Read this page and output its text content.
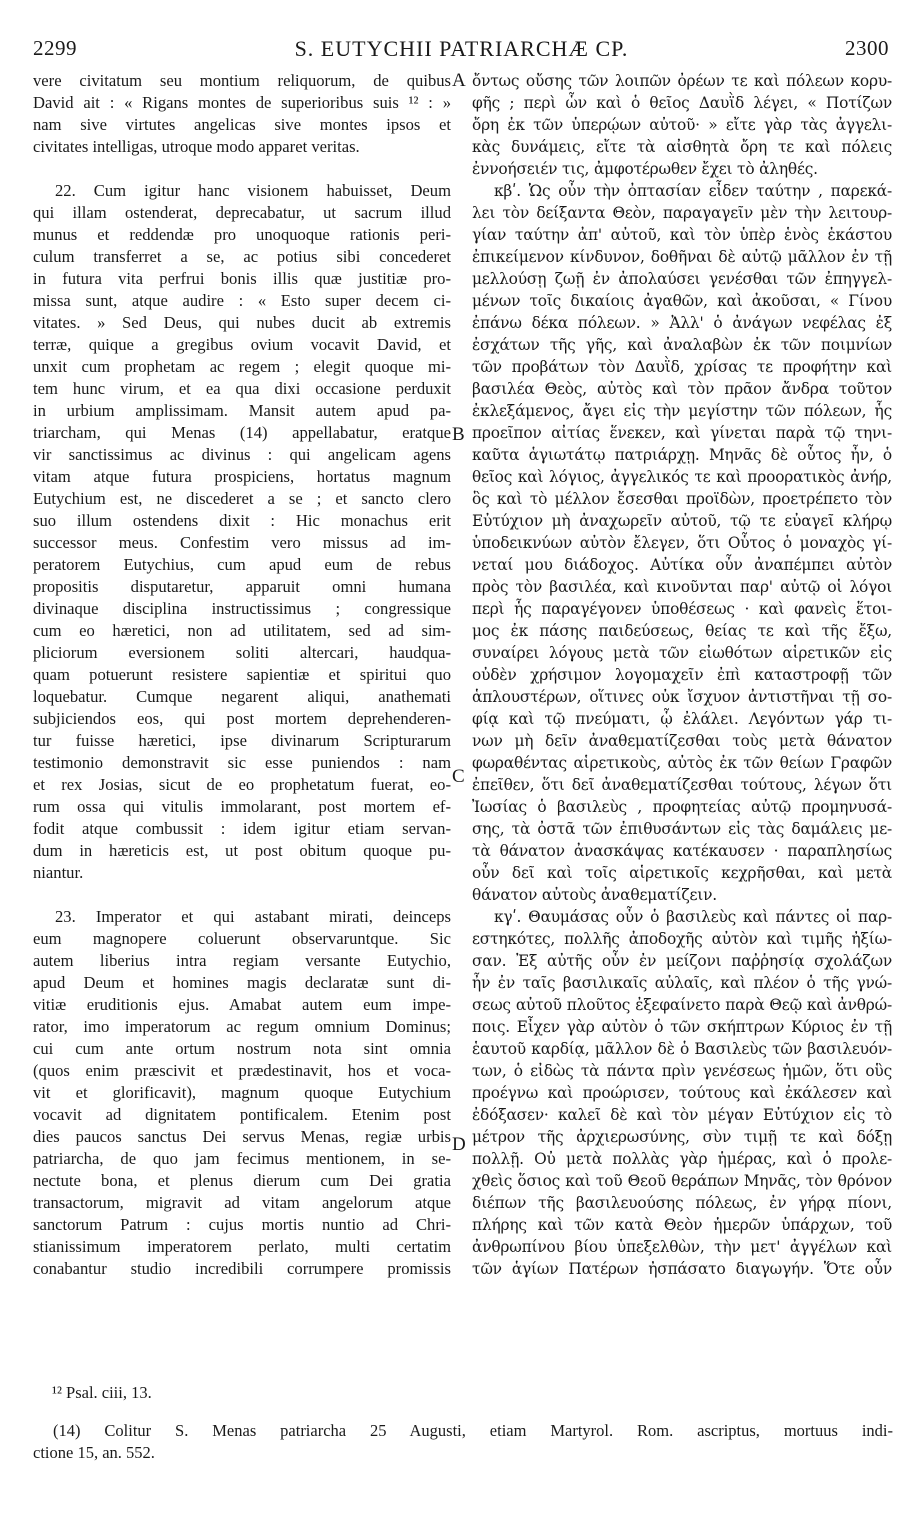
2299	S. EUTYCHII PATRIARCHÆ CP.	2300
vere civitatum seu montium reliquorum, de quibus
David ait : « Rigans montes de superioribus suis ¹² : »
nam sive virtutes angelicas sive montes ipsos et
civitates intelligas, utroque modo apparet veritas.
22. Cum igitur hanc visionem habuisset, Deum
qui illam ostenderat, deprecabatur, ut sacrum illud
munus et reddendæ pro unoquoque rationis peri-
culum transferret a se, ac potius sibi concederet
in futura vita perfrui bonis illis quæ justitiæ pro-
missa sunt, atque audire : « Esto super decem ci-
vitates. » Sed Deus, qui nubes ducit ab extremis
terræ, quique a gregibus ovium vocavit David, et
unxit cum prophetam ac regem ; elegit quoque mi-
tem hunc virum, et ea qua dixi occasione perduxit
in urbium amplissimam. Mansit autem apud pa-
triarcham, qui Menas (14) appellabatur, eratque
vir sanctissimus ac divinus : qui angelicam agens
vitam atque futura prospiciens, hortatus magnum
Eutychium est, ne discederet a se ; et sancto clero
suo illum ostendens dixit : Hic monachus erit
successor meus. Confestim vero missus ad im-
peratorem Eutychius, cum apud eum de rebus
propositis disputaretur, apparuit omni humana
divinaque disciplina instructissimus ; congressique
cum eo hæretici, non ad utilitatem, sed ad sim-
pliciorum eversionem soliti altercari, haudqua-
quam potuerunt resistere sapientiæ et spiritui quo
loquebatur. Cumque negarent aliqui, anathemati
subjiciendos eos, qui post mortem deprehenderen-
tur fuisse hæretici, ipse divinarum Scripturarum
testimonio demonstravit sic esse puniendos : nam
et rex Josias, sicut de eo prophetatum fuerat, eo-
rum ossa qui vitulis immolarant, post mortem ef-
fodit atque combussit : idem igitur etiam servan-
dum in hæreticis est, ut post obitum quoque pu-
niantur.
23. Imperator et qui astabant mirati, deinceps
eum magnopere coluerunt observaruntque. Sic
autem liberius intra regiam versante Eutychio,
apud Deum et homines magis declaratæ sunt di-
vitiæ eruditionis ejus. Amabat autem eum impe-
rator, imo imperatorum ac regum omnium Dominus;
cui cum ante ortum nostrum nota sint omnia
(quos enim præscivit et prædestinavit, hos et voca-
vit et glorificavit), magnum quoque Eutychium
vocavit ad dignitatem pontificalem. Etenim post
dies paucos sanctus Dei servus Menas, regiæ urbis
patriarcha, de quo jam fecimus mentionem, in se-
nectute bona, et plenus dierum cum Dei gratia
transactorum, migravit ad vitam angelorum atque
sanctorum Patrum : cujus mortis nuntio ad Chri-
stianissimum imperatorem perlato, multi certatim
conabantur studio incredibili corrumpere promissis
ὄντως οὔσης τῶν λοιπῶν ὀρέων τε καὶ πόλεων κορυ-
φῆς ; περὶ ὧν καὶ ὁ θεῖος Δαυῒδ λέγει, « Ποτίζων
ὄρη ἐκ τῶν ὑπερῴων αὐτοῦ· » εἴτε γὰρ τὰς ἀγγελι-
κὰς δυνάμεις, εἴτε τὰ αἰσθητὰ ὄρη τε καὶ πόλεις
ἐννοήσειέν τις, ἀμφοτέρωθεν ἔχει τὸ ἀληθές.
κβʹ. Ὡς οὖν τὴν ὀπτασίαν εἶδεν ταύτην , παρεκά-
λει τὸν δείξαντα Θεὸν, παραγαγεῖν μὲν τὴν λειτουρ-
γίαν ταύτην ἀπ' αὐτοῦ, καὶ τὸν ὑπὲρ ἑνὸς ἑκάστου
ἐπικείμενον κίνδυνον, δοθῆναι δὲ αὐτῷ μᾶλλον ἐν τῇ
μελλούσῃ ζωῇ ἐν ἀπολαύσει γενέσθαι τῶν ἐπηγγελ-
μένων τοῖς δικαίοις ἀγαθῶν, καὶ ἀκοῦσαι, « Γίνου
ἐπάνω δέκα πόλεων. » Ἀλλ' ὁ ἀνάγων νεφέλας ἐξ
ἐσχάτων τῆς γῆς, καὶ ἀναλαβὼν ἐκ τῶν ποιμνίων
τῶν προβάτων τὸν Δαυῒδ, χρίσας τε προφήτην καὶ
βασιλέα Θεὸς, αὐτὸς καὶ τὸν πρᾶον ἄνδρα τοῦτον
ἐκλεξάμενος, ἄγει εἰς τὴν μεγίστην τῶν πόλεων, ἧς
προεῖπον αἰτίας ἕνεκεν, καὶ γίνεται παρὰ τῷ τηνι-
καῦτα ἁγιωτάτῳ πατριάρχῃ. Μηνᾶς δὲ οὗτος ἦν, ὁ
θεῖος καὶ λόγιος, ἀγγελικός τε καὶ προορατικὸς ἀνήρ,
ὃς καὶ τὸ μέλλον ἔσεσθαι προϊδὼν, προετρέπετο τὸν
Εὐτύχιον μὴ ἀναχωρεῖν αὐτοῦ, τῷ τε εὐαγεῖ κλήρῳ
ὑποδεικνύων αὐτὸν ἔλεγεν, ὅτι Οὗτος ὁ μοναχὸς γί-
νεταί μου διάδοχος. Αὐτίκα οὖν ἀναπέμπει αὐτὸν
πρὸς τὸν βασιλέα, καὶ κινοῦνται παρ' αὐτῷ οἱ λόγοι
περὶ ἧς παραγέγονεν ὑποθέσεως · καὶ φανεὶς ἕτοι-
μος ἐκ πάσης παιδεύσεως, θείας τε καὶ τῆς ἔξω,
συναίρει λόγους μετὰ τῶν εἰωθότων αἱρετικῶν εἰς
οὐδὲν χρήσιμον λογομαχεῖν ἐπὶ καταστροφῇ τῶν
ἁπλουστέρων, οἵτινες οὐκ ἴσχυον ἀντιστῆναι τῇ σο-
φίᾳ καὶ τῷ πνεύματι, ᾧ ἐλάλει. Λεγόντων γάρ τι-
νων μὴ δεῖν ἀναθεματίζεσθαι τοὺς μετὰ θάνατον
φωραθέντας αἱρετικοὺς, αὐτὸς ἐκ τῶν θείων Γραφῶν
ἐπεῖθεν, ὅτι δεῖ ἀναθεματίζεσθαι τούτους, λέγων ὅτι
Ἰωσίας ὁ βασιλεὺς , προφητείας αὐτῷ προμηνυσά-
σης, τὰ ὀστᾶ τῶν ἐπιθυσάντων εἰς τὰς δαμάλεις με-
τὰ θάνατον ἀνασκάψας κατέκαυσεν · παραπλησίως
οὖν δεῖ καὶ τοῖς αἱρετικοῖς κεχρῆσθαι, καὶ μετὰ
θάνατον αὐτοὺς ἀναθεματίζειν.
κγʹ. Θαυμάσας οὖν ὁ βασιλεὺς καὶ πάντες οἱ παρ-
εστηκότες, πολλῆς ἀποδοχῆς αὐτὸν καὶ τιμῆς ἠξίω-
σαν. Ἐξ αὐτῆς οὖν ἐν μείζονι παῤῥησίᾳ σχολάζων
ἦν ἐν ταῖς βασιλικαῖς αὐλαῖς, καὶ πλέον ὁ τῆς γνώ-
σεως αὐτοῦ πλοῦτος ἐξεφαίνετο παρὰ Θεῷ καὶ ἀνθρώ-
ποις. Εἶχεν γὰρ αὐτὸν ὁ τῶν σκήπτρων Κύριος ἐν τῇ
ἑαυτοῦ καρδίᾳ, μᾶλλον δὲ ὁ Βασιλεὺς τῶν βασιλευόν-
των, ὁ εἰδὼς τὰ πάντα πρὶν γενέσεως ἡμῶν, ὅτι οὓς
προέγνω καὶ προώρισεν, τούτους καὶ ἐκάλεσεν καὶ
ἐδόξασεν· καλεῖ δὲ καὶ τὸν μέγαν Εὐτύχιον εἰς τὸ
μέτρον τῆς ἀρχιερωσύνης, σὺν τιμῇ τε καὶ δόξῃ
πολλῇ. Οὐ μετὰ πολλὰς γὰρ ἡμέρας, καὶ ὁ προλε-
χθεὶς ὅσιος καὶ τοῦ Θεοῦ θεράπων Μηνᾶς, τὸν θρόνον
διέπων τῆς βασιλευούσης πόλεως, ἐν γήρᾳ πίονι,
πλήρης καὶ τῶν κατὰ Θεὸν ἡμερῶν ὑπάρχων, τοῦ
ἀνθρωπίνου βίου ὑπεξελθὼν, τὴν μετ' ἀγγέλων καὶ
τῶν ἁγίων Πατέρων ἠσπάσατο διαγωγήν. Ὅτε οὖν
A
B
C
D
¹² Psal. ciii, 13.
(14) Colitur S. Menas patriarcha 25 Augusti, etiam Martyrol. Rom. ascriptus, mortuus indi-
ctione 15, an. 552.
